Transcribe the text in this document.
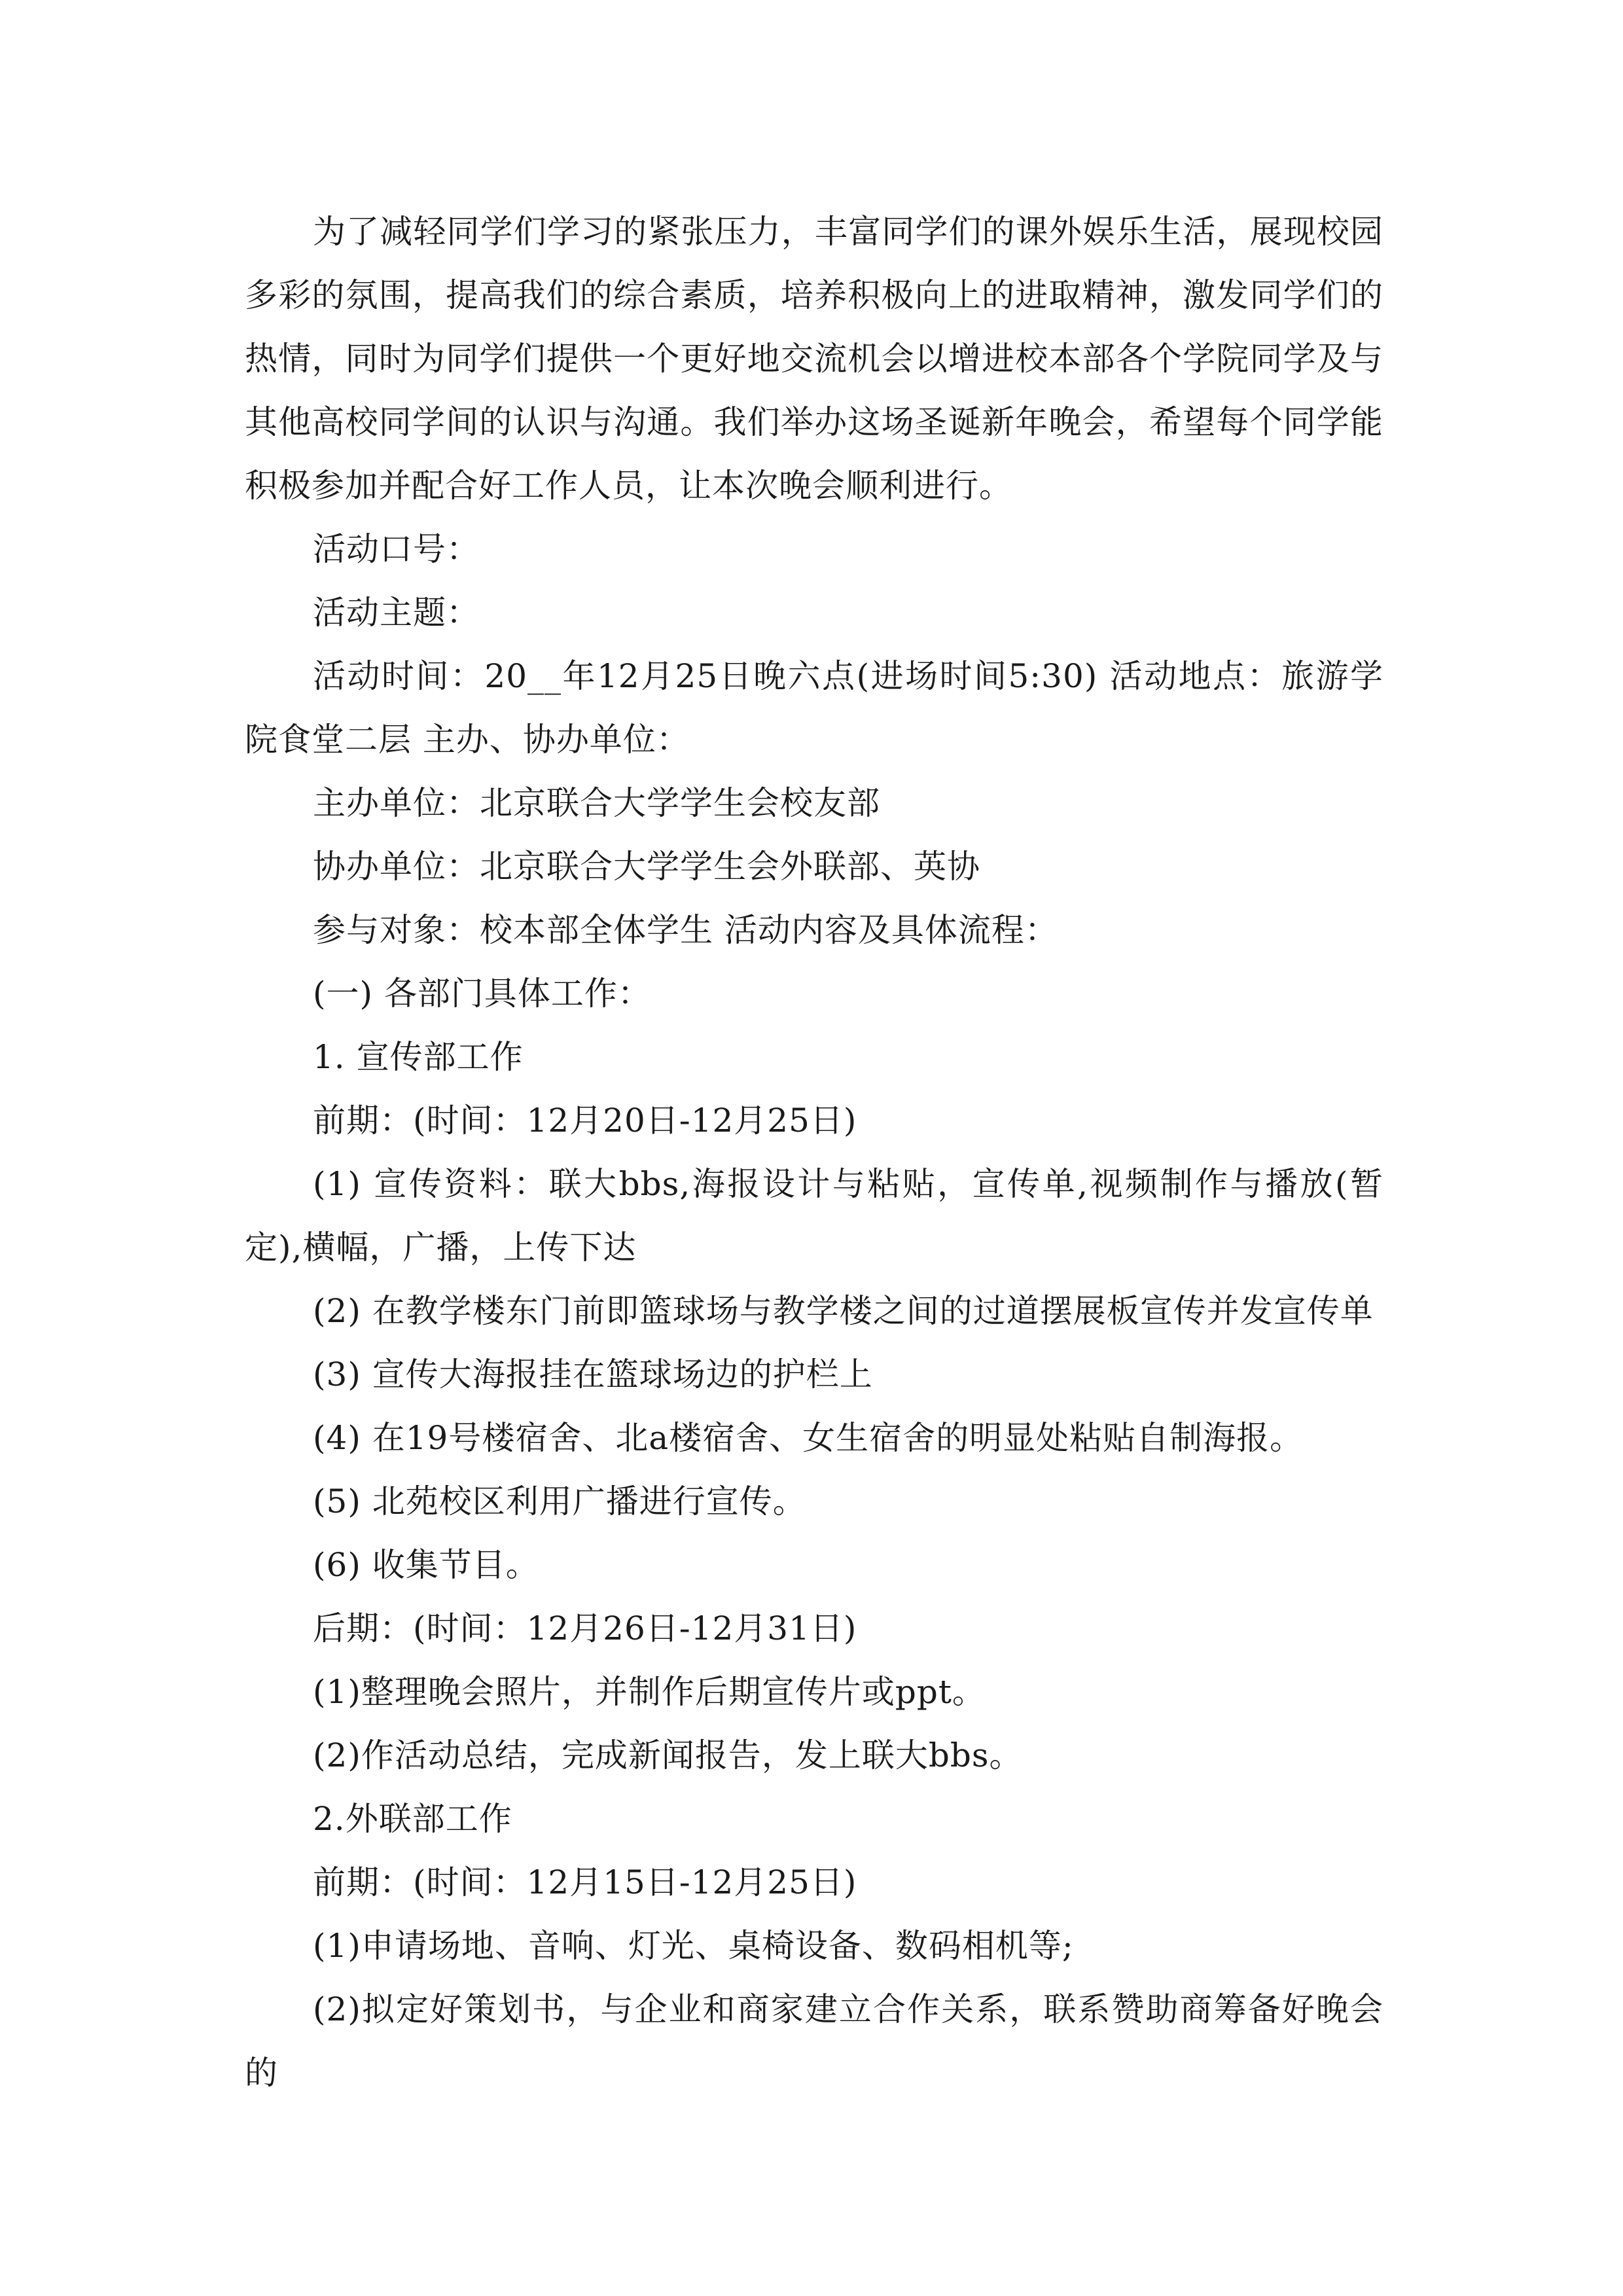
为了减轻同学们学习的紧张压力，丰富同学们的课外娱乐生活，展现校园多彩的氛围，提高我们的综合素质，培养积极向上的进取精神，激发同学们的热情，同时为同学们提供一个更好地交流机会以增进校本部各个学院同学及与其他高校同学间的认识与沟通。我们举办这场圣诞新年晚会，希望每个同学能积极参加并配合好工作人员，让本次晚会顺利进行。

活动口号：

活动主题：

活动时间：20__年12月25日晚六点(进场时间5:30) 活动地点：旅游学院食堂二层 主办、协办单位：

主办单位：北京联合大学学生会校友部

协办单位：北京联合大学学生会外联部、英协

参与对象：校本部全体学生 活动内容及具体流程：

(一) 各部门具体工作：

1. 宣传部工作

前期：(时间：12月20日-12月25日)

(1) 宣传资料：联大bbs,海报设计与粘贴，宣传单,视频制作与播放(暂定),横幅，广播，上传下达

(2) 在教学楼东门前即篮球场与教学楼之间的过道摆展板宣传并发宣传单

(3) 宣传大海报挂在篮球场边的护栏上

(4) 在19号楼宿舍、北a楼宿舍、女生宿舍的明显处粘贴自制海报。

(5) 北苑校区利用广播进行宣传。

(6) 收集节目。

后期：(时间：12月26日-12月31日)

(1)整理晚会照片，并制作后期宣传片或ppt。

(2)作活动总结，完成新闻报告，发上联大bbs。

2.外联部工作

前期：(时间：12月15日-12月25日)

(1)申请场地、音响、灯光、桌椅设备、数码相机等;

(2)拟定好策划书，与企业和商家建立合作关系，联系赞助商筹备好晚会的
